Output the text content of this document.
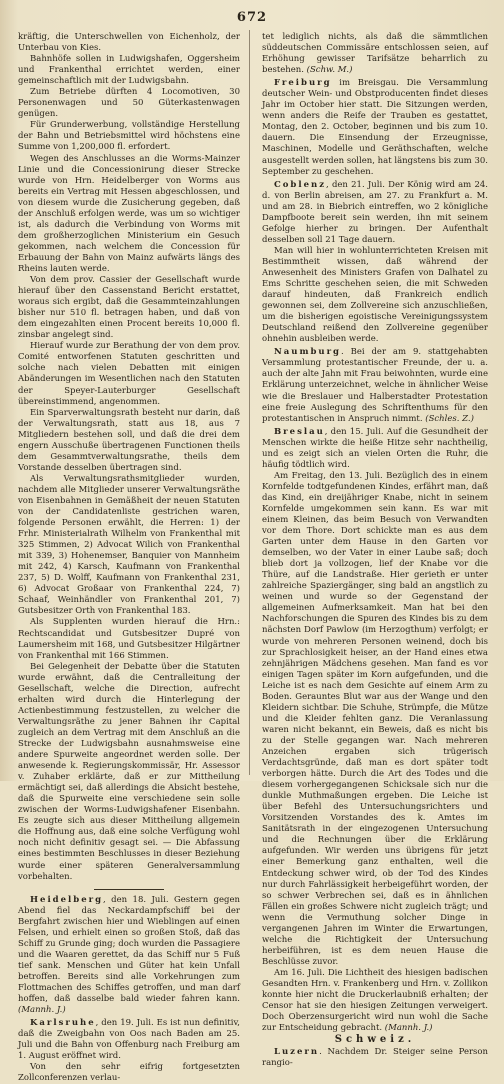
672

kräftig, die Unterschwellen von Eichenholz, der Unterbau von Kies.

Bahnhöfe sollen in Ludwigshafen, Oggersheim und Frankenthal errichtet werden, einer gemeinschaftlich mit der Ludwigsbahn.

Zum Betriebe dürften 4 Locomotiven, 30 Personenwagen und 50 Güterkastenwagen genügen.

Für Grunderwerbung, vollständige Herstellung der Bahn und Betriebsmittel wird höchstens eine Summe von 1,200,000 fl. erfordert.

Wegen des Anschlusses an die Worms-Mainzer Linie und die Concessionirung dieser Strecke wurde von Hrn. Heidelberger von Worms aus bereits ein Vertrag mit Hessen abgeschlossen, und von diesem wurde die Zusicherung gegeben, daß der Anschluß erfolgen werde, was um so wichtiger ist, als dadurch die Verbindung von Worms mit dem großherzoglichen Ministerium ein Gesuch gekommen, nach welchem die Concession für Erbauung der Bahn von Mainz aufwärts längs des Rheins lauten werde.

Von dem prov. Cassier der Gesellschaft wurde hierauf über den Cassenstand Bericht erstattet, woraus sich ergibt, daß die Gesammteinzahlungen bisher nur 510 fl. betragen haben, und daß von dem eingezahlten einen Procent bereits 10,000 fl. zinsbar angelegt sind.

Hierauf wurde zur Berathung der von dem prov. Comité entworfenen Statuten geschritten und solche nach vielen Debatten mit einigen Abänderungen im Wesentlichen nach den Statuten der Speyer-Lauterburger Gesellschaft übereinstimmend, angenommen.

Ein Sparverwaltungsrath besteht nur darin, daß der Verwaltungsrath, statt aus 18, aus 7 Mitgliedern bestehen soll, und daß die drei dem engern Ausschuße übertragenen Functionen theils dem Gesammtverwaltungsrathe, theils dem Vorstande desselben übertragen sind.

Als Verwaltungsrathsmitglieder wurden, nachdem alle Mitglieder unserer Verwaltungsräthe von Eisenbahnen in Gemäßheit der neuen Statuten von der Candidatenliste gestrichen waren, folgende Personen erwählt, die Herren: 1) der Frhr. Ministerialrath Wilhelm von Frankenthal mit 325 Stimmen, 2) Advocat Wilich von Frankenthal mit 339, 3) Hohenemser, Banquier von Mannheim mit 242, 4) Karsch, Kaufmann von Frankenthal 237, 5) D. Wolff, Kaufmann von Frankenthal 231, 6) Advocat Großaar von Frankenthal 224, 7) Schaaf, Weinhändler von Frankenthal 201, 7) Gutsbesitzer Orth von Frankenthal 183.

Als Supplenten wurden hierauf die Hrn.: Rechtscandidat und Gutsbesitzer Dupré von Laumersheim mit 168, und Gutsbesitzer Hilgärtner von Frankenthal mit 166 Stimmen.

Bei Gelegenheit der Debatte über die Statuten wurde erwähnt, daß die Centralleitung der Gesellschaft, welche die Direction, aufrecht erhalten wird durch die Hinterlegung der Actienbestimmung festzustellen, zu welcher die Verwaltungsräthe zu jener Bahnen ihr Capital zugleich an dem Vertrag mit dem Anschluß an die Strecke der Ludwigsbahn ausnahmsweise eine andere Spurweite angeordnet werden solle. Der anwesende k. Regierungskommissär, Hr. Assessor v. Zuhaber erklärte, daß er zur Mittheilung ermächtigt sei, daß allerdings die Absicht bestehe, daß die Spurweite eine verschiedene sein solle zwischen der Worms-Ludwigshafener Eisenbahn. Es zeugte sich aus dieser Mittheilung allgemein die Hoffnung aus, daß eine solche Verfügung wohl noch nicht definitiv gesagt sei. — Die Abfassung eines bestimmten Beschlusses in dieser Beziehung wurde einer späteren Generalversammlung vorbehalten.

Heidelberg, den 18. Juli. Gestern gegen Abend fiel das Neckardampfschiff bei der Bergfahrt zwischen hier und Wieblingen auf einen Felsen, und erhielt einen so großen Stoß, daß das Schiff zu Grunde ging; doch wurden die Passagiere und die Waaren gerettet, da das Schiff nur 5 Fuß tief sank. Menschen und Güter hat kein Unfall betroffen. Bereits sind alle Vorkehrungen zum Flottmachen des Schiffes getroffen, und man darf hoffen, daß dasselbe bald wieder fahren kann. (Mannh. J.)

Karlsruhe, den 19. Juli. Es ist nun definitiv, daß die Zweigbahn von Oos nach Baden am 25. Juli und die Bahn von Offenburg nach Freiburg am 1. August eröffnet wird.

Von den sehr eifrig fortgesetzten Zollconferenzen verlau-

tet lediglich nichts, als daß die sämmtlichen süddeutschen Commissäre entschlossen seien, auf Erhöhung gewisser Tarifsätze beharrlich zu bestehen. (Schw. M.)

Freiburg im Breisgau. Die Versammlung deutscher Wein- und Obstproducenten findet dieses Jahr im October hier statt. Die Sitzungen werden, wenn anders die Reife der Trauben es gestattet, Montag, den 2. October, beginnen und bis zum 10. dauern. Die Einsendung der Erzeugnisse, Maschinen, Modelle und Geräthschaften, welche ausgestellt werden sollen, hat längstens bis zum 30. September zu geschehen.

Coblenz, den 21. Juli. Der König wird am 24. d. von Berlin abreisen, am 27. zu Frankfurt a. M. und am 28. in Biebrich eintreffen, wo 2 königliche Dampfboote bereit sein werden, ihn mit seinem Gefolge hierher zu bringen. Der Aufenthalt desselben soll 21 Tage dauern.

Man will hier in wohlunterrichteten Kreisen mit Bestimmtheit wissen, daß während der Anwesenheit des Ministers Grafen von Dalhatel zu Ems Schritte geschehen seien, die mit Schweden darauf hindeuten, daß Frankreich endlich gewonnen sei, dem Zollvereine sich anzuschließen, um die bisherigen egoistische Vereinigungssystem Deutschland reißend den Zollvereine gegenüber ohnehin ausbleiben werde.

Naumburg. Bei der am 9. stattgehabten Versammlung protestantischer Freunde, der u. a. auch der alte Jahn mit Frau beiwohnten, wurde eine Erklärung unterzeichnet, welche in ähnlicher Weise wie die Breslauer und Halberstadter Protestation eine freie Auslegung des Schriftenthums für den protestantischen in Anspruch nimmt. (Schles. Z.)

Breslau, den 15. Juli. Auf die Gesundheit der Menschen wirkte die heiße Hitze sehr nachtheilig, und es zeigt sich an vielen Orten die Ruhr, die häufig tödtlich wird.

Am Freitag, den 13. Juli. Bezüglich des in einem Kornfelde todtgefundenen Kindes, erfährt man, daß das Kind, ein dreijähriger Knabe, nicht in seinem Kornfelde umgekommen sein kann. Es war mit einem Kleinen, das beim Besuch von Verwandten vor dem Thore. Dort schickte man es aus dem Garten unter dem Hause in den Garten vor demselben, wo der Vater in einer Laube saß; doch blieb dort ja vollzogen, lief der Knabe vor die Thüre, auf die Landstraße. Hier gerieth er unter zahlreiche Spaziergänger, sing bald an angstlich zu weinen und wurde so der Gegenstand der allgemeinen Aufmerksamkeit. Man hat bei den Nachforschungen die Spuren des Kindes bis zu dem nächsten Dorf Pawlow (im Herzogthum) verfolgt; er wurde von mehreren Personen weinend, doch bis zur Sprachlosigkeit heiser, an der Hand eines etwa zehnjährigen Mädchens gesehen. Man fand es vor einigen Tagen später im Korn aufgefunden, und die Leiche ist es nach dem Gesichte auf einem Arm zu Boden. Gerauntes Blut war aus der Wange und den Kleidern sichtbar. Die Schuhe, Strümpfe, die Mütze und die Kleider fehlten ganz. Die Veranlassung waren nicht bekannt, ein Beweis, daß es nicht bis zu der Stelle gegangen war. Nach mehreren Anzeichen ergaben sich trügerisch Verdachtsgründe, daß man es dort später todt verborgen hätte. Durch die Art des Todes und die diesem vorhergegangenen Schicksale sich nur die dunkle Muthmaßungen ergeben. Die Leiche ist über Befehl des Untersuchungsrichters und Vorsitzenden Vorstandes des k. Amtes im Sanitätsrath in der eingezogenen Untersuchung und die Rechnungen über die Erklärung aufgefunden. Wir werden uns übrigens für jetzt einer Bemerkung ganz enthalten, weil die Entdeckung schwer wird, ob der Tod des Kindes nur durch Fahrlässigkeit herbeigeführt worden, der so schwer Verbrechen sei, daß es in ähnlichen Fällen ein großes Schwere nicht zugleich trägt; und wenn die Vermuthung solcher Dinge in vergangenen Jahren im Winter die Erwartungen, welche die Richtigkeit der Untersuchung herbeiführen, ist es dem neuen Hause die Beschlüsse zuvor.

Am 16. Juli. Die Lichtheit des hiesigen badischen Gesandten Hrn. v. Frankenberg und Hrn. v. Zollikon konnte hier nicht die Druckerlaubniß erhalten; der Censor hat sie den hiesigen Zeitungen verweigert. Doch Oberzensurgericht wird nun wohl die Sache zur Entscheidung gebracht. (Mannh. J.)

Schweiz.

Luzern. Nachdem Dr. Steiger seine Person rangio-
